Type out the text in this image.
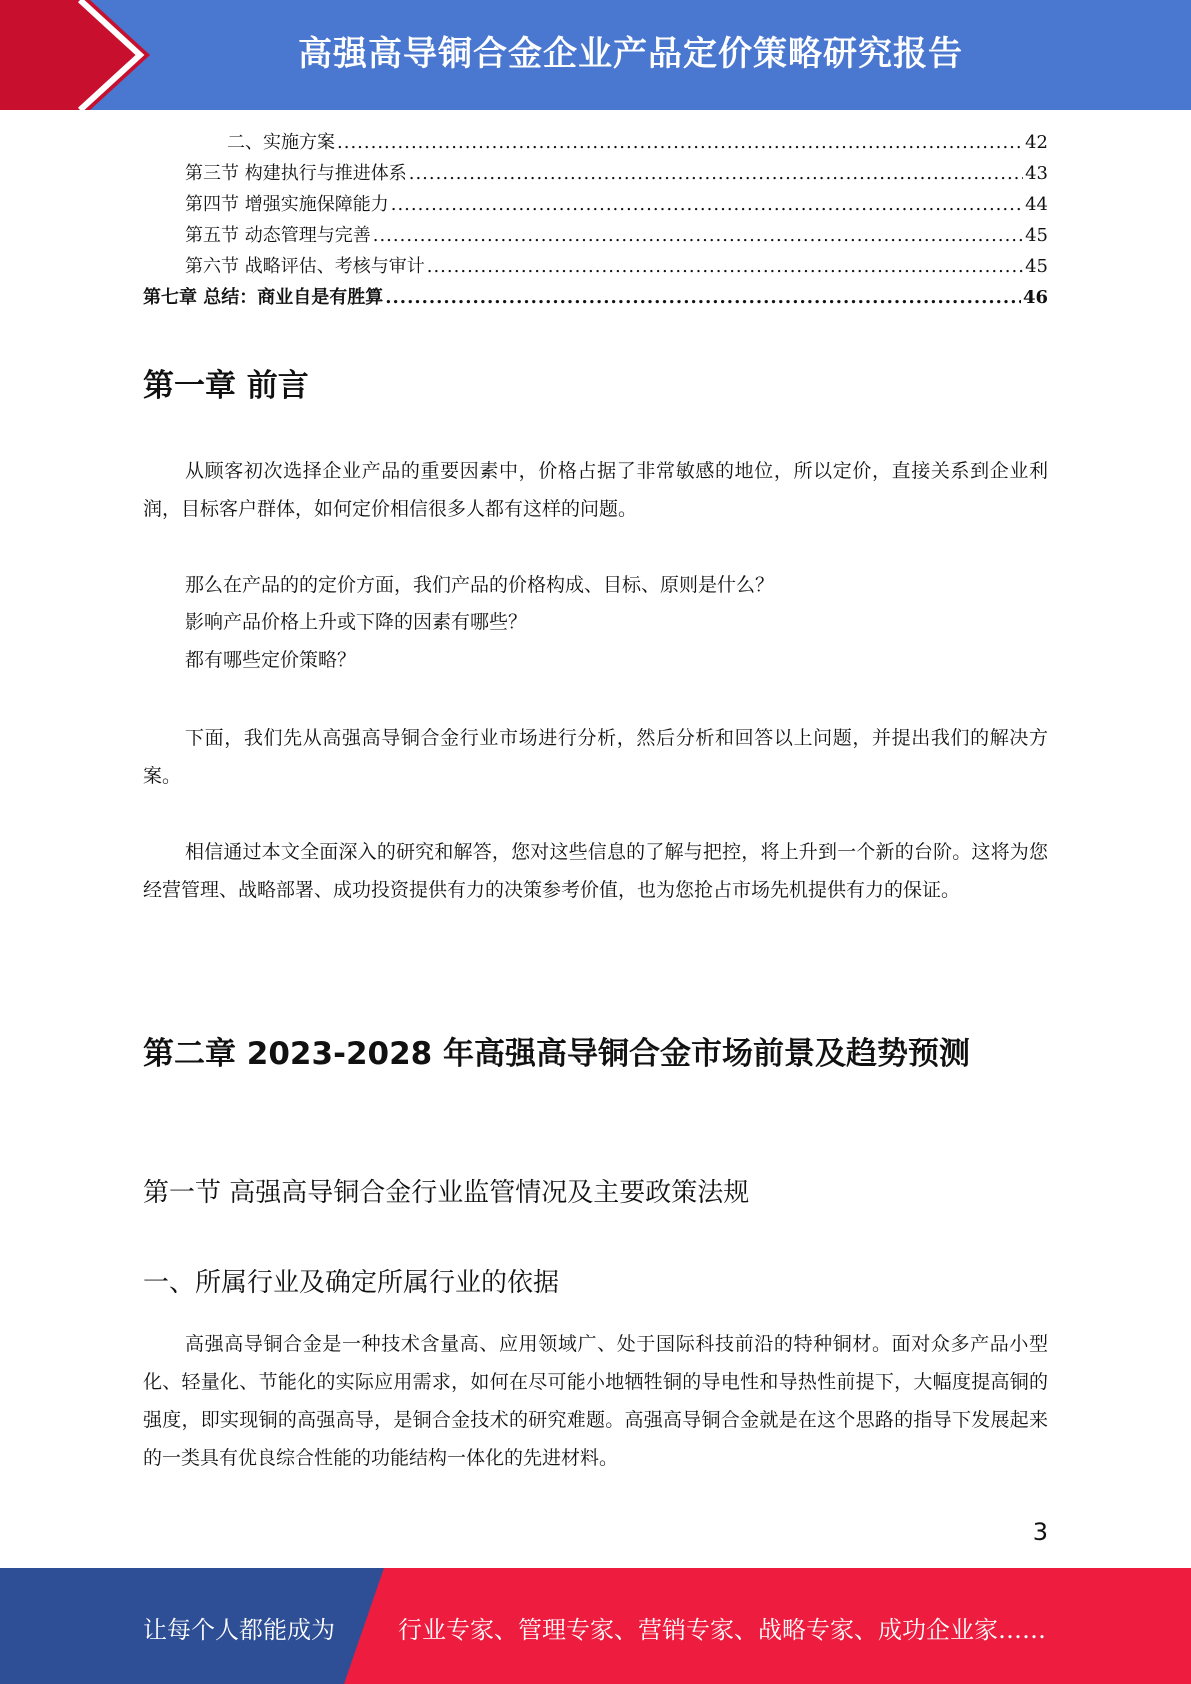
高强高导铜合金企业产品定价策略研究报告
二、实施方案 .....	42
第三节 构建执行与推进体系 .....	43
第四节 增强实施保障能力 .....	44
第五节 动态管理与完善 .....	45
第六节 战略评估、考核与审计 .....	45
第七章 总结：商业自是有胜算 .....	46
第一章 前言
从顾客初次选择企业产品的重要因素中，价格占据了非常敏感的地位，所以定价，直接关系到企业利润，目标客户群体，如何定价相信很多人都有这样的问题。
那么在产品的的定价方面，我们产品的价格构成、目标、原则是什么？
影响产品价格上升或下降的因素有哪些？
都有哪些定价策略？
下面，我们先从高强高导铜合金行业市场进行分析，然后分析和回答以上问题，并提出我们的解决方案。
相信通过本文全面深入的研究和解答，您对这些信息的了解与把控，将上升到一个新的台阶。这将为您经营管理、战略部署、成功投资提供有力的决策参考价值，也为您抢占市场先机提供有力的保证。
第二章 2023-2028 年高强高导铜合金市场前景及趋势预测
第一节 高强高导铜合金行业监管情况及主要政策法规
一、所属行业及确定所属行业的依据
高强高导铜合金是一种技术含量高、应用领域广、处于国际科技前沿的特种铜材。面对众多产品小型化、轻量化、节能化的实际应用需求，如何在尽可能小地牺牲铜的导电性和导热性前提下，大幅度提高铜的强度，即实现铜的高强高导，是铜合金技术的研究难题。高强高导铜合金就是在这个思路的指导下发展起来的一类具有优良综合性能的功能结构一体化的先进材料。
3
让每个人都能成为	行业专家、管理专家、营销专家、战略专家、成功企业家……
